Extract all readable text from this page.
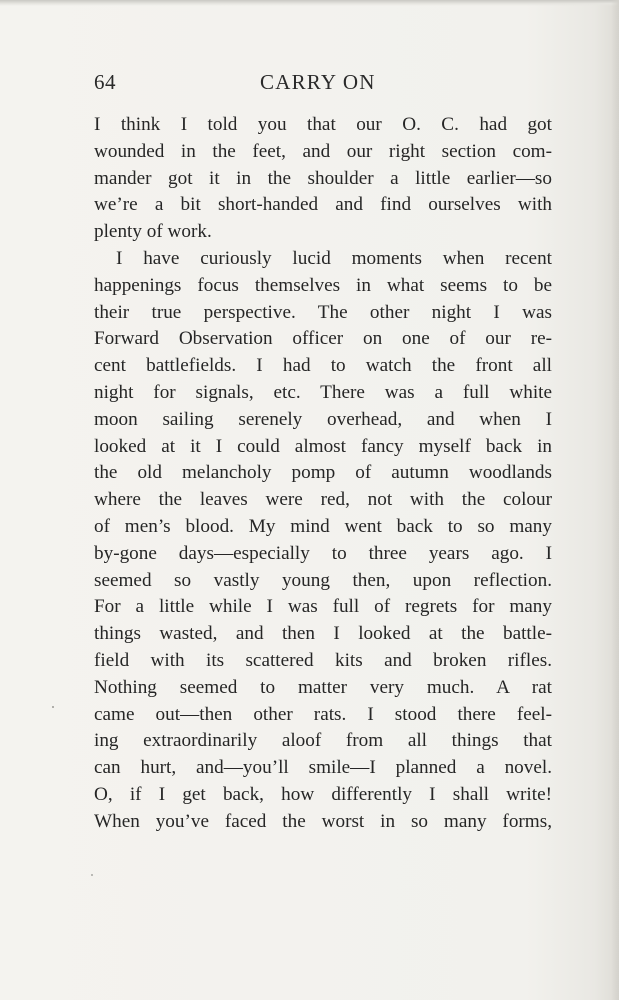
64	CARRY ON
I think I told you that our O. C. had got
wounded in the feet, and our right section com-
mander got it in the shoulder a little earlier—so
we’re a bit short-handed and find ourselves with
plenty of work.
I have curiously lucid moments when recent
happenings focus themselves in what seems to be
their true perspective. The other night I was
Forward Observation officer on one of our re-
cent battlefields. I had to watch the front all
night for signals, etc. There was a full white
moon sailing serenely overhead, and when I
looked at it I could almost fancy myself back in
the old melancholy pomp of autumn woodlands
where the leaves were red, not with the colour
of men’s blood. My mind went back to so many
by-gone days—especially to three years ago. I
seemed so vastly young then, upon reflection.
For a little while I was full of regrets for many
things wasted, and then I looked at the battle-
field with its scattered kits and broken rifles.
Nothing seemed to matter very much. A rat
came out—then other rats. I stood there feel-
ing extraordinarily aloof from all things that
can hurt, and—you’ll smile—I planned a novel.
O, if I get back, how differently I shall write!
When you’ve faced the worst in so many forms,
